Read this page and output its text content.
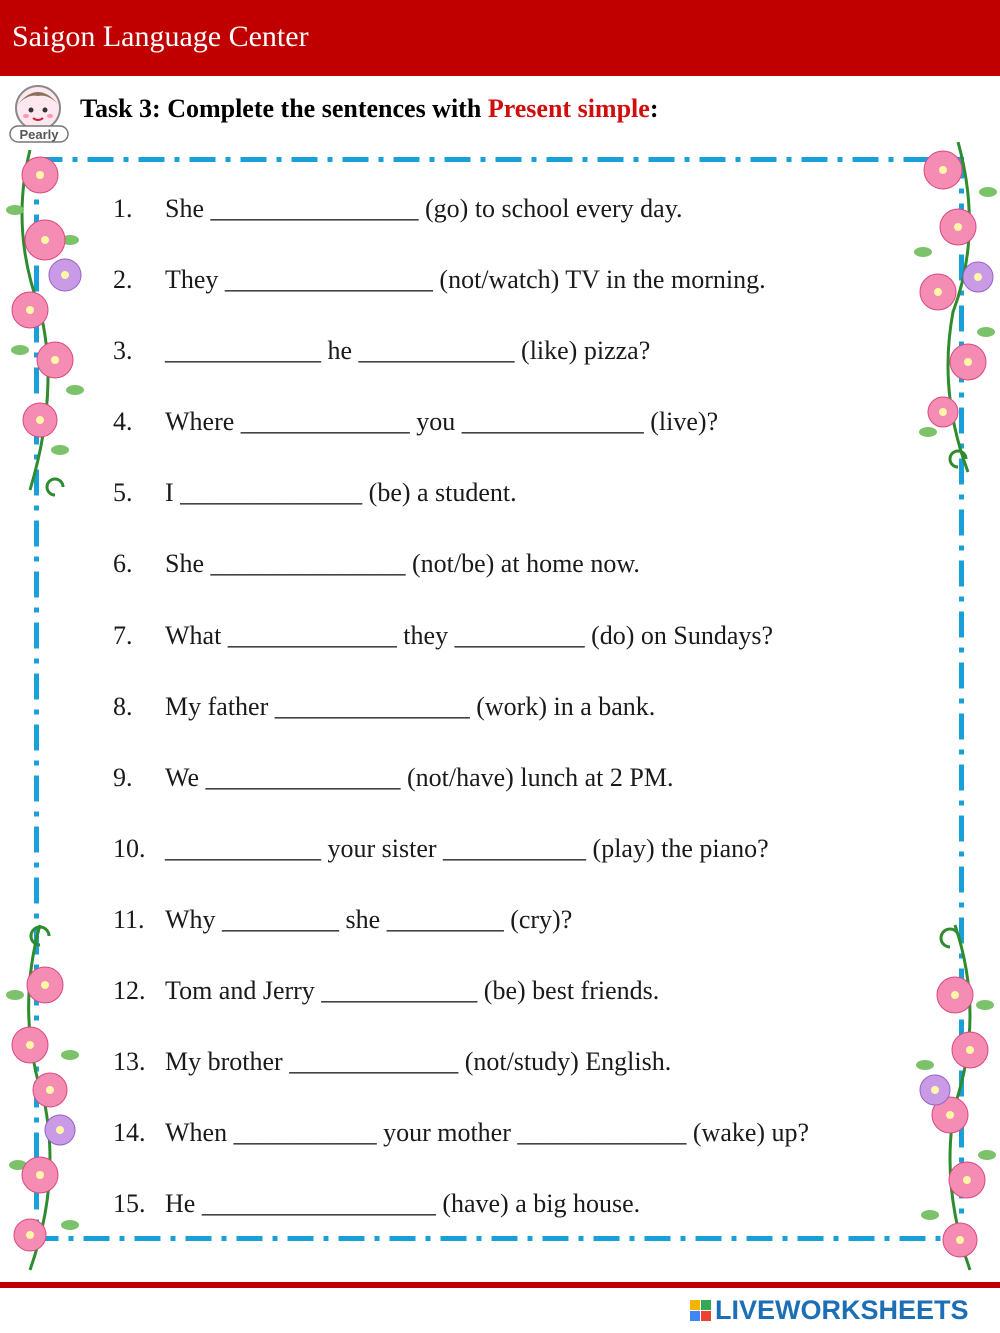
Saigon Language Center
Pearly
Task 3: Complete the sentences with Present simple:
1.	She ________________ (go) to school every day.
2.	They ________________ (not/watch) TV in the morning.
3.	____________ he ____________ (like) pizza?
4.	Where _____________ you ______________ (live)?
5.	I ______________ (be) a student.
6.	She _______________ (not/be) at home now.
7.	What _____________ they __________ (do) on Sundays?
8.	My father _______________ (work) in a bank.
9.	We _______________ (not/have) lunch at 2 PM.
10. ____________ your sister ___________ (play) the piano?
11. Why _________ she _________ (cry)?
12. Tom and Jerry ____________ (be) best friends.
13. My brother _____________ (not/study) English.
14. When ___________ your mother _____________ (wake) up?
15. He __________________ (have) a big house.
LIVEWORKSHEETS
